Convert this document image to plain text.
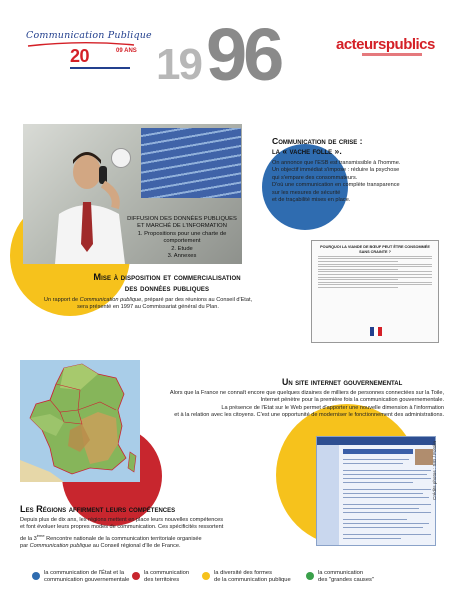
Communication Publique
20	09 ANS 19 96	acteurspublics
DIFFUSION DES DONNÉES PUBLIQUES
ET MARCHÉ DE L'INFORMATION
1. Propositions pour une charte de comportement
2. Etude
3. Annexes
Mise à disposition et commercialisation
des données publiques
Un rapport de Communication publique, préparé par des réunions au Conseil d'Etat,
sera présenté en 1997 au Commissariat général du Plan.
Communication de crise :
la « vache folle ».
On annonce que l'ESB est transmissible à l'homme.
Un objectif immédiat s'impose : réduire la psychose
qui s'empare des consommateurs.
D'où une communication en complète transparence
sur les mesures de sécurité
et de traçabilité mises en place.
POURQUOI LA VIANDE DE BŒUF PEUT ÊTRE CONSOMMÉE SANS CRAINTE ?
Un site internet gouvernemental
Alors que la France ne connaît encore que quelques dizaines de milliers de personnes connectées sur la Toile,
Internet pénètre pour la première fois la communication gouvernementale.
La présence de l'Etat sur le Web permet d'apporter une nouvelle dimension à l'information
et à la relation avec les citoyens. C'est une opportunité de moderniser le fonctionnement des administrations.
Crédits photos : SIG / Fotolia
Les Régions affirment leurs compétences
Depuis plus de dix ans, les régions mettent en place leurs nouvelles compétences
et font évoluer leurs propres modes de communication. Ces spécificités ressortent
de la 3ème Rencontre nationale de la communication territoriale organisée
par Communication publique au Conseil régional d'Ile de France.
la communication de l'État et la
communication gouvernementale
la communication
des territoires
la diversité des formes
de la communication publique
la communication
des "grandes causes"
